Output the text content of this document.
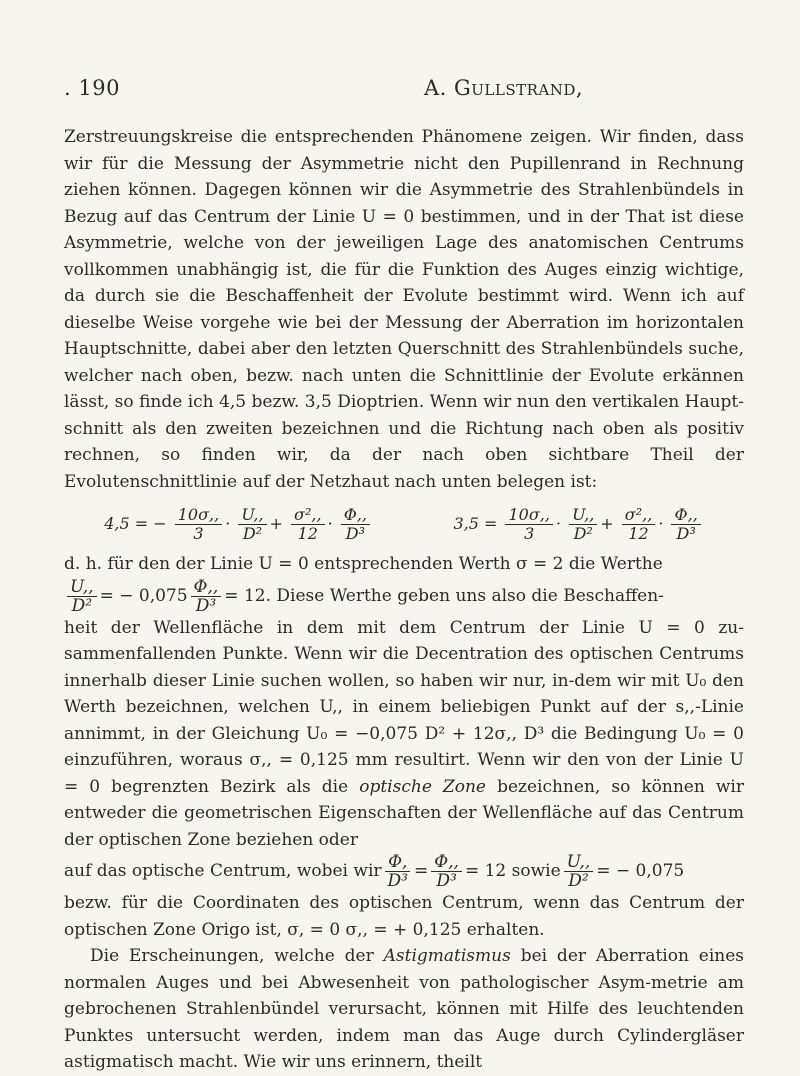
. 190	A. Gullstrand,

Zerstreuungskreise die entsprechenden Phänomene zeigen. Wir finden, dass wir für die Messung der Asymmetrie nicht den Pupillenrand in Rechnung ziehen können. Dagegen können wir die Asymmetrie des Strahlenbündels in Bezug auf das Centrum der Linie U = 0 bestimmen, und in der That ist diese Asymmetrie, welche von der jeweiligen Lage des anatomischen Centrums vollkommen unabhängig ist, die für die Funktion des Auges einzig wichtige, da durch sie die Beschaffenheit der Evolute bestimmt wird. Wenn ich auf dieselbe Weise vorgehe wie bei der Messung der Aberration im horizontalen Hauptschnitte, dabei aber den letzten Querschnitt des Strahlenbündels suche, welcher nach oben, bezw. nach unten die Schnittlinie der Evolute erkännen lässt, so finde ich 4,5 bezw. 3,5 Dioptrien. Wenn wir nun den vertikalen Haupt-schnitt als den zweiten bezeichnen und die Richtung nach oben als positiv rechnen, so finden wir, da der nach oben sichtbare Theil der Evolutenschnittlinie auf der Netzhaut nach unten belegen ist:

4,5 = − $\frac{10\sigma,,}{3} \cdot \frac{U,,}{\text{D²}} + \frac{\text{σ²,,}}{12} \cdot \frac{\Phi,,}{\text{D³}}$	$3,5 = \frac{10\sigma,,}{3} \cdot \frac{U,,}{\text{D²}} + \frac{\text{σ²,,}}{12} \cdot \frac{\Phi,,}{\text{D³}}$

d. h. für den der Linie U = 0 entsprechenden Werth σ = 2 die Werthe

$\frac{U,,}{\text{D²}}$ = − $0,075 \frac{\Phi,,}{\text{D³}} = 12$. Diese Werthe geben uns also die Beschaffen-

heit der Wellenfläche in dem mit dem Centrum der Linie U = 0 zu-sammenfallenden Punkte. Wenn wir die Decentration des optischen Centrums innerhalb dieser Linie suchen wollen, so haben wir nur, in-dem wir mit U₀ den Werth bezeichnen, welchen U,, in einem beliebigen Punkt auf der s,,-Linie annimmt, in der Gleichung U₀ = −0,075 D² + 12σ,, D³ die Bedingung U₀ = 0 einzuführen, woraus σ,, = 0,125 mm resultirt. Wenn wir den von der Linie U = 0 begrenzten Bezirk als die optische Zone bezeichnen, so können wir entweder die geometrischen Eigenschaften der Wellenfläche auf das Centrum der optischen Zone beziehen oder

auf das optische Centrum, wobei wir $\frac{\Phi,}{\text{D³}} = \frac{\Phi,,}{\text{D³}} = 12$ sowie $\frac{U,,}{\text{D²}}$ = − 0,075

bezw. für die Coordinaten des optischen Centrum, wenn das Centrum der optischen Zone Origo ist, σ, = 0 σ,, = + 0,125 erhalten.

Die Erscheinungen, welche der Astigmatismus bei der Aberration eines normalen Auges und bei Abwesenheit von pathologischer Asym-metrie am gebrochenen Strahlenbündel verursacht, können mit Hilfe des leuchtenden Punktes untersucht werden, indem man das Auge durch Cylindergläser astigmatisch macht. Wie wir uns erinnern, theilt
